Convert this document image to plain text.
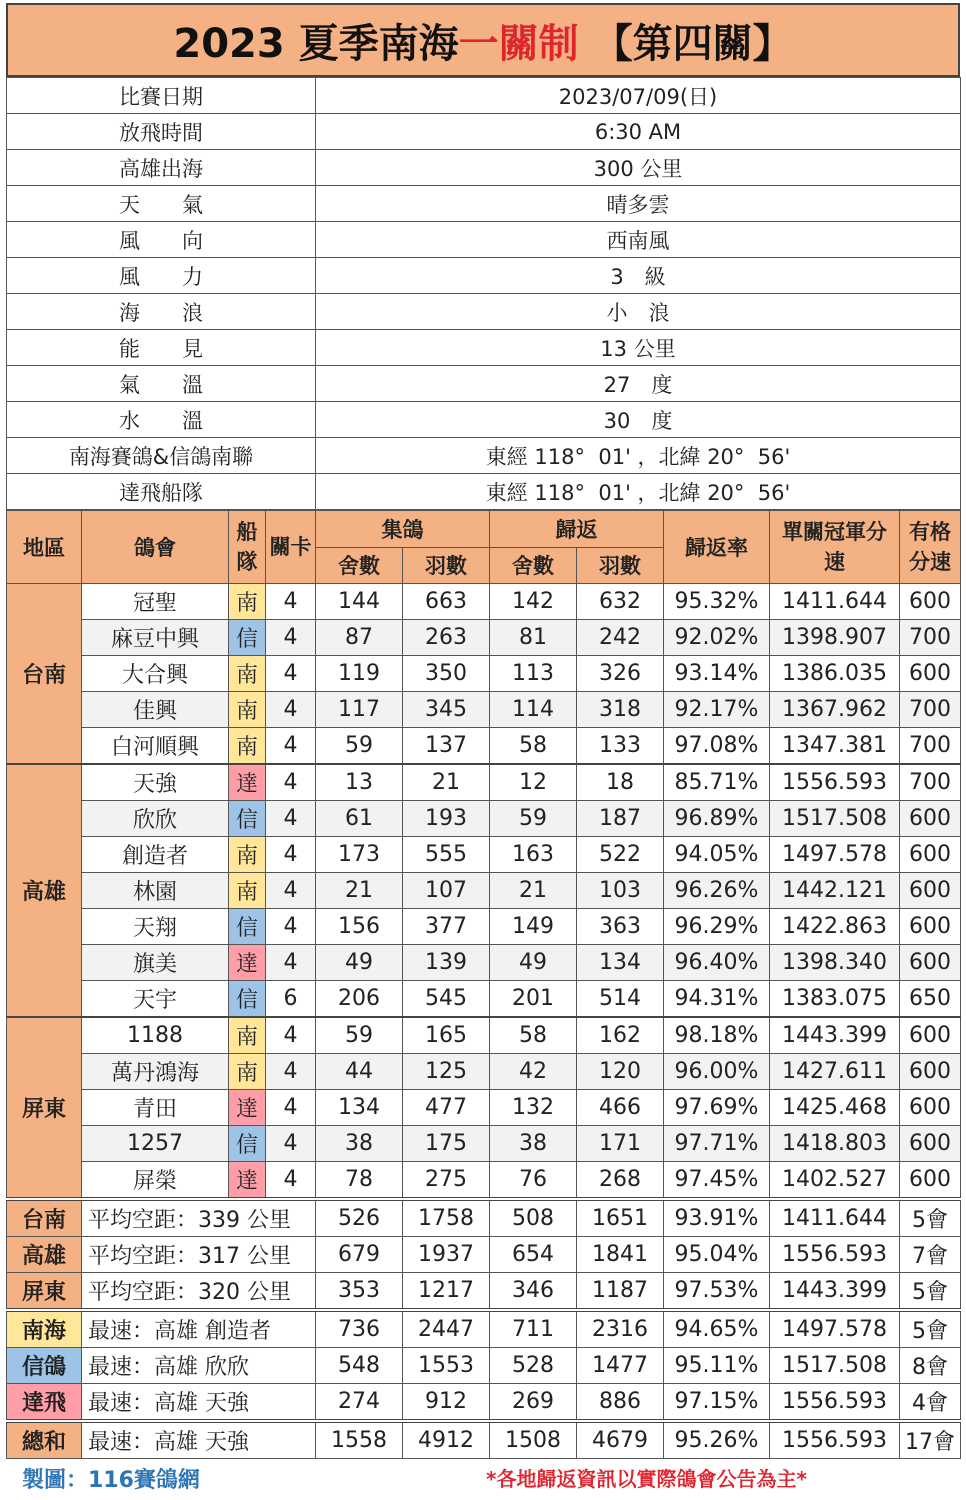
2023 夏季南海一關制 【第四關】
比賽日期	2023/07/09(日)
放飛時間	6:30 AM
高雄出海	300 公里
天　　氣	晴多雲
風　　向	西南風
風　　力	3　級
海　　浪	小　浪
能　　見	13 公里
氣　　溫	27　度
水　　溫	30　度
南海賽鴿&信鴿南聯	東經 118°  01' ，北緯 20°  56'
達飛船隊	東經 118°  01' ，北緯 20°  56'
地區	鴿會	船隊	關卡	集鴿		歸返		歸返率	單關冠軍分速	有格分速
				舍數	羽數	舍數	羽數			
台南	冠聖	南	4	144	663	142	632	95.32%	1411.644	600
	麻豆中興	信	4	87	263	81	242	92.02%	1398.907	700
	大合興	南	4	119	350	113	326	93.14%	1386.035	600
	佳興	南	4	117	345	114	318	92.17%	1367.962	700
	白河順興	南	4	59	137	58	133	97.08%	1347.381	700
高雄	天強	達	4	13	21	12	18	85.71%	1556.593	700
	欣欣	信	4	61	193	59	187	96.89%	1517.508	600
	創造者	南	4	173	555	163	522	94.05%	1497.578	600
	林園	南	4	21	107	21	103	96.26%	1442.121	600
	天翔	信	4	156	377	149	363	96.29%	1422.863	600
	旗美	達	4	49	139	49	134	96.40%	1398.340	600
	天宇	信	6	206	545	201	514	94.31%	1383.075	650
屏東	1188	南	4	59	165	58	162	98.18%	1443.399	600
	萬丹鴻海	南	4	44	125	42	120	96.00%	1427.611	600
	青田	達	4	134	477	132	466	97.69%	1425.468	600
	1257	信	4	38	175	38	171	97.71%	1418.803	600
	屏榮	達	4	78	275	76	268	97.45%	1402.527	600
台南	平均空距：339 公里			526	1758	508	1651	93.91%	1411.644	5會
高雄	平均空距：317 公里			679	1937	654	1841	95.04%	1556.593	7會
屏東	平均空距：320 公里			353	1217	346	1187	97.53%	1443.399	5會
南海	最速：高雄 創造者			736	2447	711	2316	94.65%	1497.578	5會
信鴿	最速：高雄 欣欣			548	1553	528	1477	95.11%	1517.508	8會
達飛	最速：高雄 天強			274	912	269	886	97.15%	1556.593	4會
總和	最速：高雄 天強			1558	4912	1508	4679	95.26%	1556.593	17會
製圖：116賽鴿網	*各地歸返資訊以實際鴿會公告為主*
